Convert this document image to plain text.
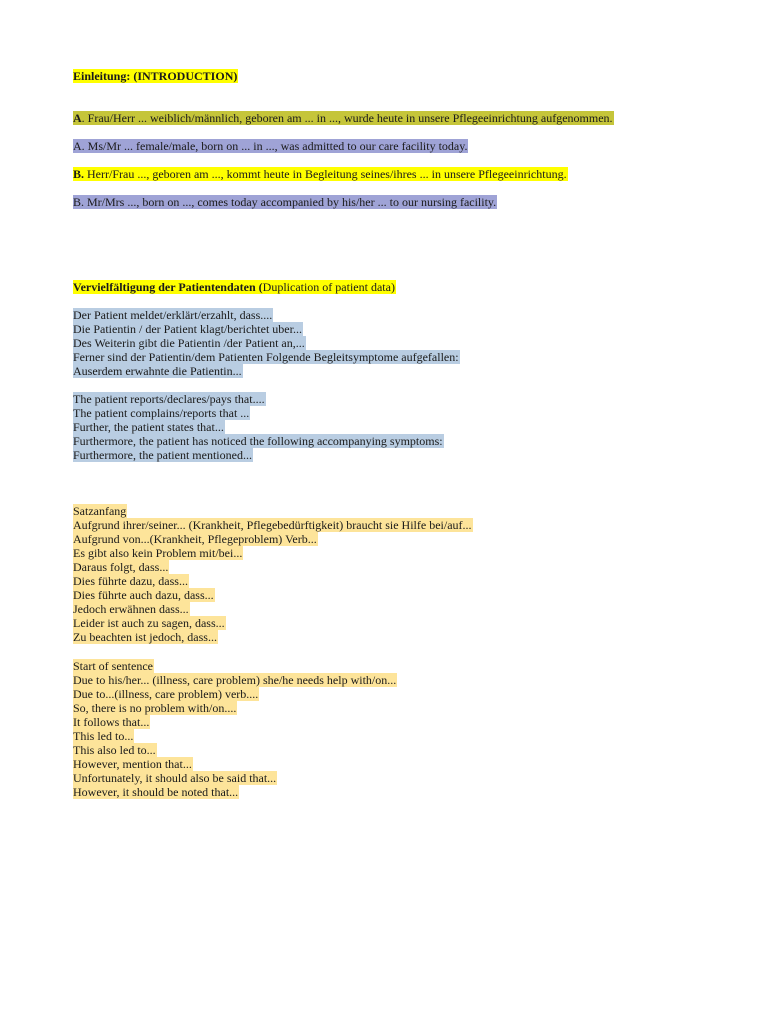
Einleitung: (INTRODUCTION)
A. Frau/Herr ... weiblich/männlich, geboren am ... in ..., wurde heute in unsere Pflegeeinrichtung aufgenommen.
A. Ms/Mr ... female/male, born on ... in ..., was admitted to our care facility today.
B. Herr/Frau ..., geboren am ..., kommt heute in Begleitung seines/ihres ... in unsere Pflegeeinrichtung.
B. Mr/Mrs ..., born on ..., comes today accompanied by his/her ... to our nursing facility.
Vervielfältigung der Patientendaten (Duplication of patient data)
Der Patient meldet/erklärt/erzahlt, dass....
Die Patientin / der Patient klagt/berichtet uber...
Des Weiterin gibt die Patientin /der Patient an,...
Ferner sind der Patientin/dem Patienten Folgende Begleitsymptome aufgefallen:
Auserdem erwahnte die Patientin...
The patient reports/declares/pays that....
The patient complains/reports that ...
Further, the patient states that...
Furthermore, the patient has noticed the following accompanying symptoms:
Furthermore, the patient mentioned...
Satzanfang
Aufgrund ihrer/seiner... (Krankheit, Pflegebedürftigkeit) braucht sie Hilfe bei/auf...
Aufgrund von...(Krankheit, Pflegeproblem) Verb...
Es gibt also kein Problem mit/bei...
Daraus folgt, dass...
Dies führte dazu, dass...
Dies führte auch dazu, dass...
Jedoch erwähnen dass...
Leider ist auch zu sagen, dass...
Zu beachten ist jedoch, dass...
Start of sentence
Due to his/her... (illness, care problem) she/he needs help with/on...
Due to...(illness, care problem) verb....
So, there is no problem with/on....
It follows that...
This led to...
This also led to...
However, mention that...
Unfortunately, it should also be said that...
However, it should be noted that...
